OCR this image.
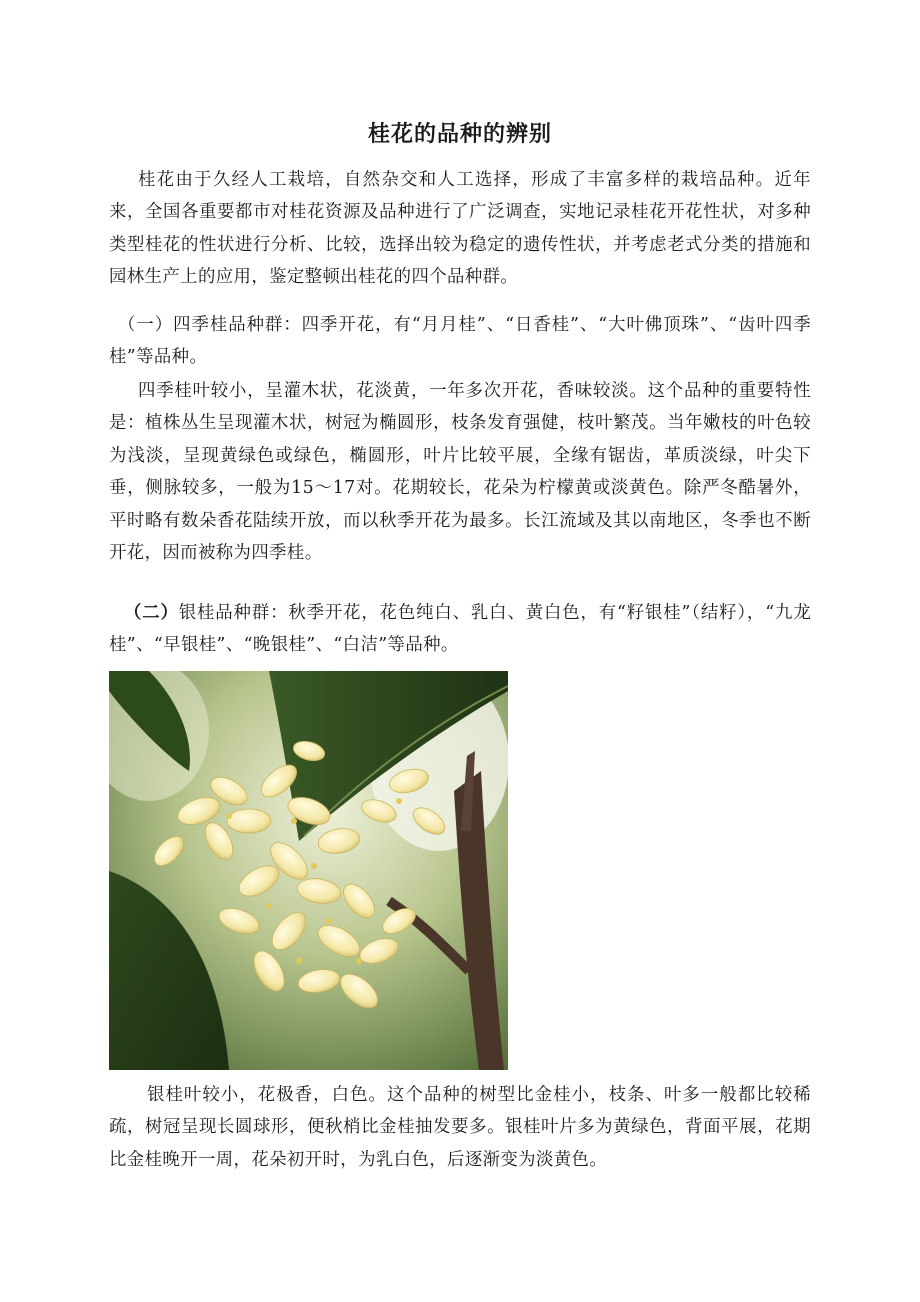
桂花的品种的辨别
桂花由于久经人工栽培，自然杂交和人工选择，形成了丰富多样的栽培品种。近年来，全国各重要都市对桂花资源及品种进行了广泛调查，实地记录桂花开花性状，对多种类型桂花的性状进行分析、比较，选择出较为稳定的遗传性状，并考虑老式分类的措施和园林生产上的应用，鉴定整顿出桂花的四个品种群。
（一）四季桂品种群：四季开花，有“月月桂”、“日香桂”、“大叶佛顶珠”、“齿叶四季桂”等品种。
四季桂叶较小，呈灌木状，花淡黄，一年多次开花，香味较淡。这个品种的重要特性是：植株丛生呈现灌木状，树冠为椭圆形，枝条发育强健，枝叶繁茂。当年嫩枝的叶色较为浅淡，呈现黄绿色或绿色，椭圆形，叶片比较平展，全缘有锯齿，革质淡绿，叶尖下垂，侧脉较多，一般为15～17对。花期较长，花朵为柠檬黄或淡黄色。除严冬酷暑外，平时略有数朵香花陆续开放，而以秋季开花为最多。长江流域及其以南地区，冬季也不断开花，因而被称为四季桂。
（二）银桂品种群：秋季开花，花色纯白、乳白、黄白色，有“籽银桂”（结籽），“九龙桂”、“早银桂”、“晚银桂”、“白洁”等品种。
银桂叶较小，花极香，白色。这个品种的树型比金桂小，枝条、叶多一般都比较稀疏，树冠呈现长圆球形，便秋梢比金桂抽发要多。银桂叶片多为黄绿色，背面平展，花期比金桂晚开一周，花朵初开时，为乳白色，后逐渐变为淡黄色。
